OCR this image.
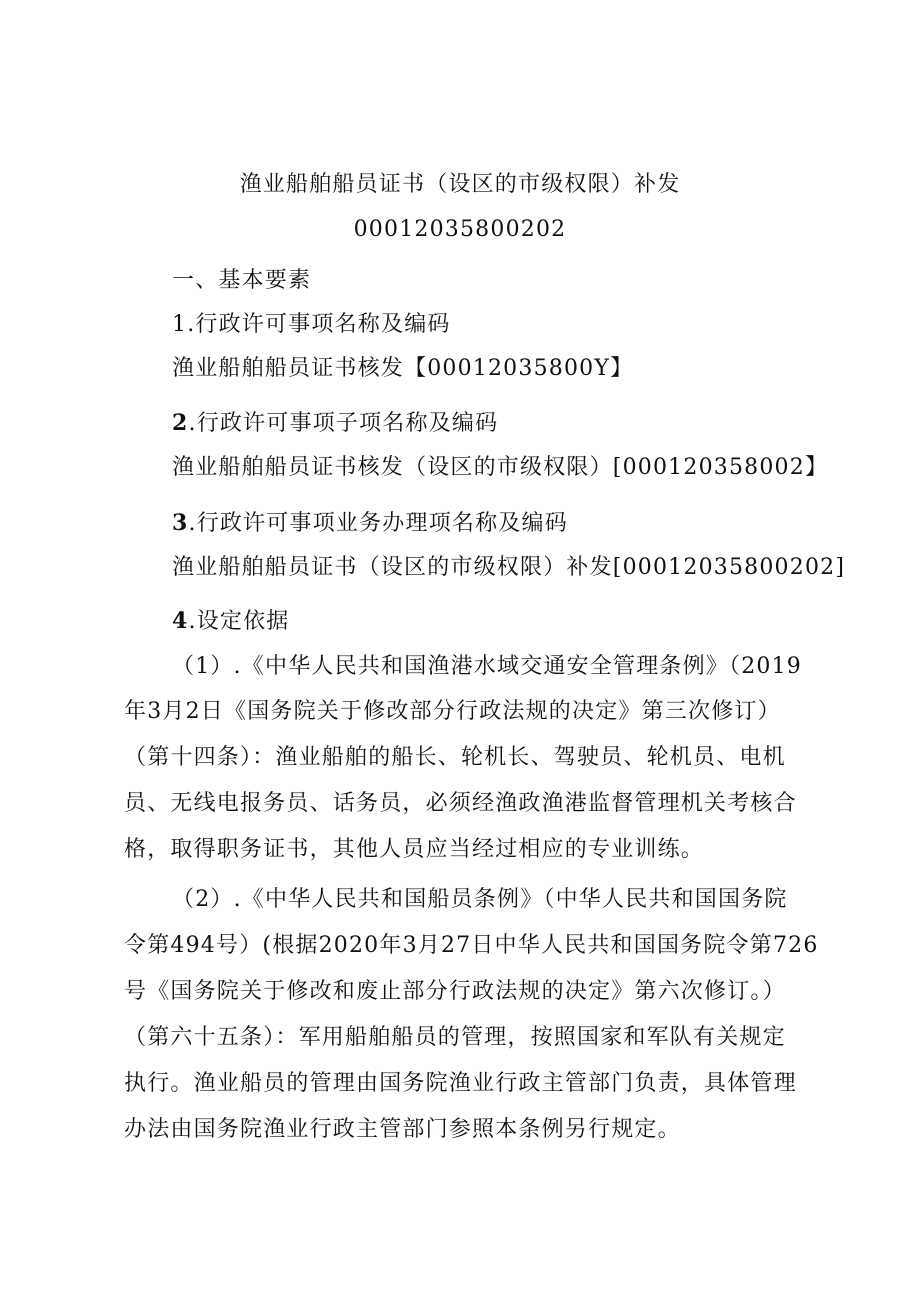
渔业船舶船员证书（设区的市级权限）补发
00012035800202
一、基本要素
1.行政许可事项名称及编码
渔业船舶船员证书核发【00012035800Y】
2.行政许可事项子项名称及编码
渔业船舶船员证书核发（设区的市级权限）[000120358002】
3.行政许可事项业务办理项名称及编码
渔业船舶船员证书（设区的市级权限）补发[00012035800202]
4.设定依据
（1）.《中华人民共和国渔港水域交通安全管理条例》（2019
年3月2日《国务院关于修改部分行政法规的决定》第三次修订）
（第十四条）：渔业船舶的船长、轮机长、驾驶员、轮机员、电机
员、无线电报务员、话务员，必须经渔政渔港监督管理机关考核合
格，取得职务证书，其他人员应当经过相应的专业训练。
（2）.《中华人民共和国船员条例》（中华人民共和国国务院
令第494号）(根据2020年3月27日中华人民共和国国务院令第726
号《国务院关于修改和废止部分行政法规的决定》第六次修订。）
（第六十五条）：军用船舶船员的管理，按照国家和军队有关规定
执行。渔业船员的管理由国务院渔业行政主管部门负责，具体管理
办法由国务院渔业行政主管部门参照本条例另行规定。
